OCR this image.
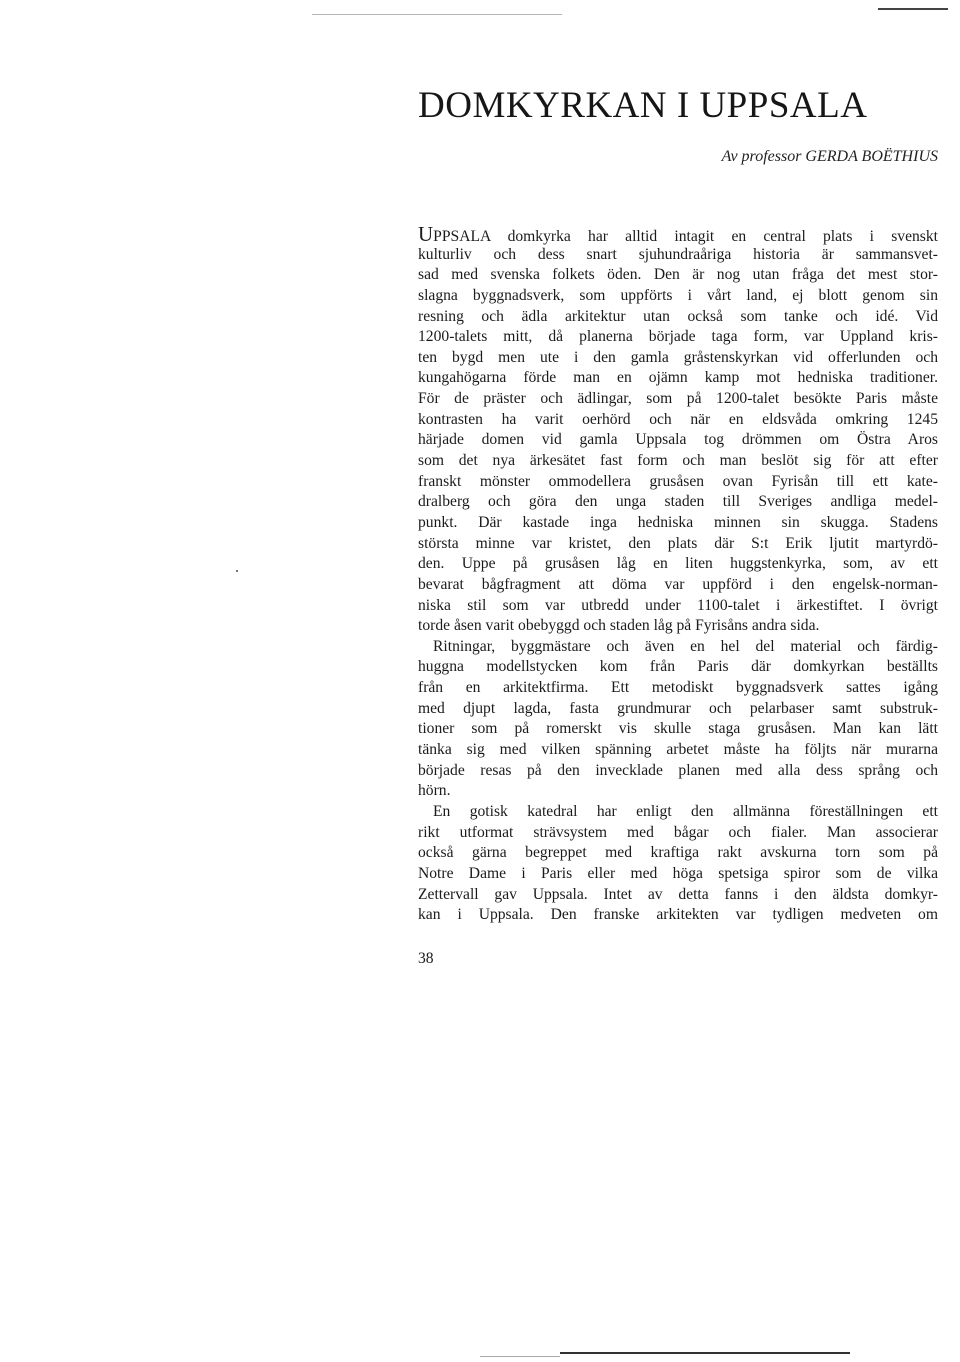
DOMKYRKAN I UPPSALA
Av professor GERDA BOËTHIUS
UPPSALA domkyrka har alltid intagit en central plats i svenskt
kulturliv och dess snart sjuhundraåriga historia är sammansvet-
sad med svenska folkets öden. Den är nog utan fråga det mest stor-
slagna byggnadsverk, som uppförts i vårt land, ej blott genom sin
resning och ädla arkitektur utan också som tanke och idé. Vid
1200-talets mitt, då planerna började taga form, var Uppland kris-
ten bygd men ute i den gamla gråstenskyrkan vid offerlunden och
kungahögarna förde man en ojämn kamp mot hedniska traditioner.
För de präster och ädlingar, som på 1200-talet besökte Paris måste
kontrasten ha varit oerhörd och när en eldsvåda omkring 1245
härjade domen vid gamla Uppsala tog drömmen om Östra Aros
som det nya ärkesätet fast form och man beslöt sig för att efter
franskt mönster ommodellera grusåsen ovan Fyrisån till ett kate-
dralberg och göra den unga staden till Sveriges andliga medel-
punkt. Där kastade inga hedniska minnen sin skugga. Stadens
största minne var kristet, den plats där S:t Erik ljutit martyrdö-
den. Uppe på grusåsen låg en liten huggstenkyrka, som, av ett
bevarat bågfragment att döma var uppförd i den engelsk-norman-
niska stil som var utbredd under 1100-talet i ärkestiftet. I övrigt
torde åsen varit obebyggd och staden låg på Fyrisåns andra sida.
Ritningar, byggmästare och även en hel del material och färdig-
huggna modellstycken kom från Paris där domkyrkan beställts
från en arkitektfirma. Ett metodiskt byggnadsverk sattes igång
med djupt lagda, fasta grundmurar och pelarbaser samt substruk-
tioner som på romerskt vis skulle staga grusåsen. Man kan lätt
tänka sig med vilken spänning arbetet måste ha följts när murarna
började resas på den invecklade planen med alla dess språng och
hörn.
En gotisk katedral har enligt den allmänna föreställningen ett
rikt utformat strävsystem med bågar och fialer. Man associerar
också gärna begreppet med kraftiga rakt avskurna torn som på
Notre Dame i Paris eller med höga spetsiga spiror som de vilka
Zettervall gav Uppsala. Intet av detta fanns i den äldsta domkyr-
kan i Uppsala. Den franske arkitekten var tydligen medveten om
38
